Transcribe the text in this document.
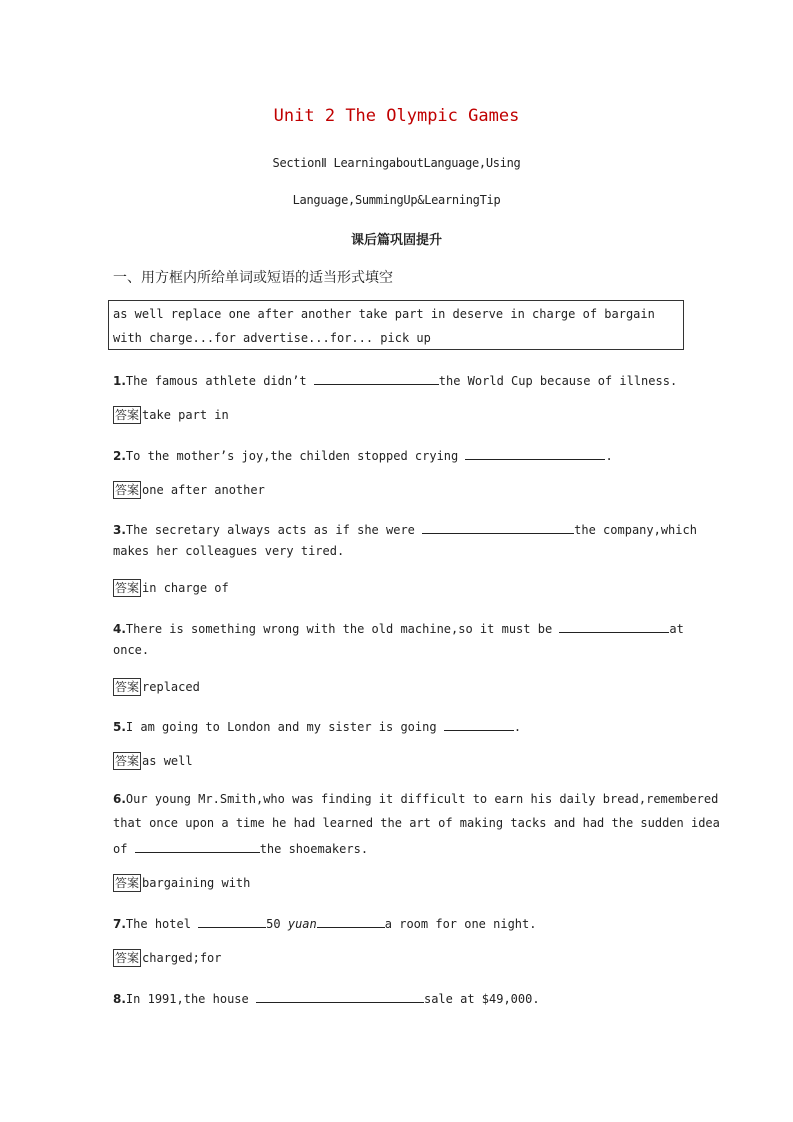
Unit 2 The Olympic Games
SectionⅡ LearningaboutLanguage,Using
Language,SummingUp&LearningTip
课后篇巩固提升
一、用方框内所给单词或短语的适当形式填空
as well replace one after another take part in deserve in charge of bargain
with charge...for advertise...for... pick up
1.The famous athlete didn’t	the World Cup because of illness.
答案 take part in
2.To the mother’s joy,the childen stopped crying	.
答案 one after another
3.The secretary always acts as if she were	the company,which
makes her colleagues very tired.
答案 in charge of
4.There is something wrong with the old machine,so it must be	at
once.
答案 replaced
5.I am going to London and my sister is going	.
答案 as well
6.Our young Mr.Smith,who was finding it difficult to earn his daily bread,remembered
that once upon a time he had learned the art of making tacks and had the sudden idea
of	the shoemakers.
答案 bargaining with
7.The hotel	50 yuan	a room for one night.
答案 charged;for
8.In 1991,the house	sale at $49,000.
